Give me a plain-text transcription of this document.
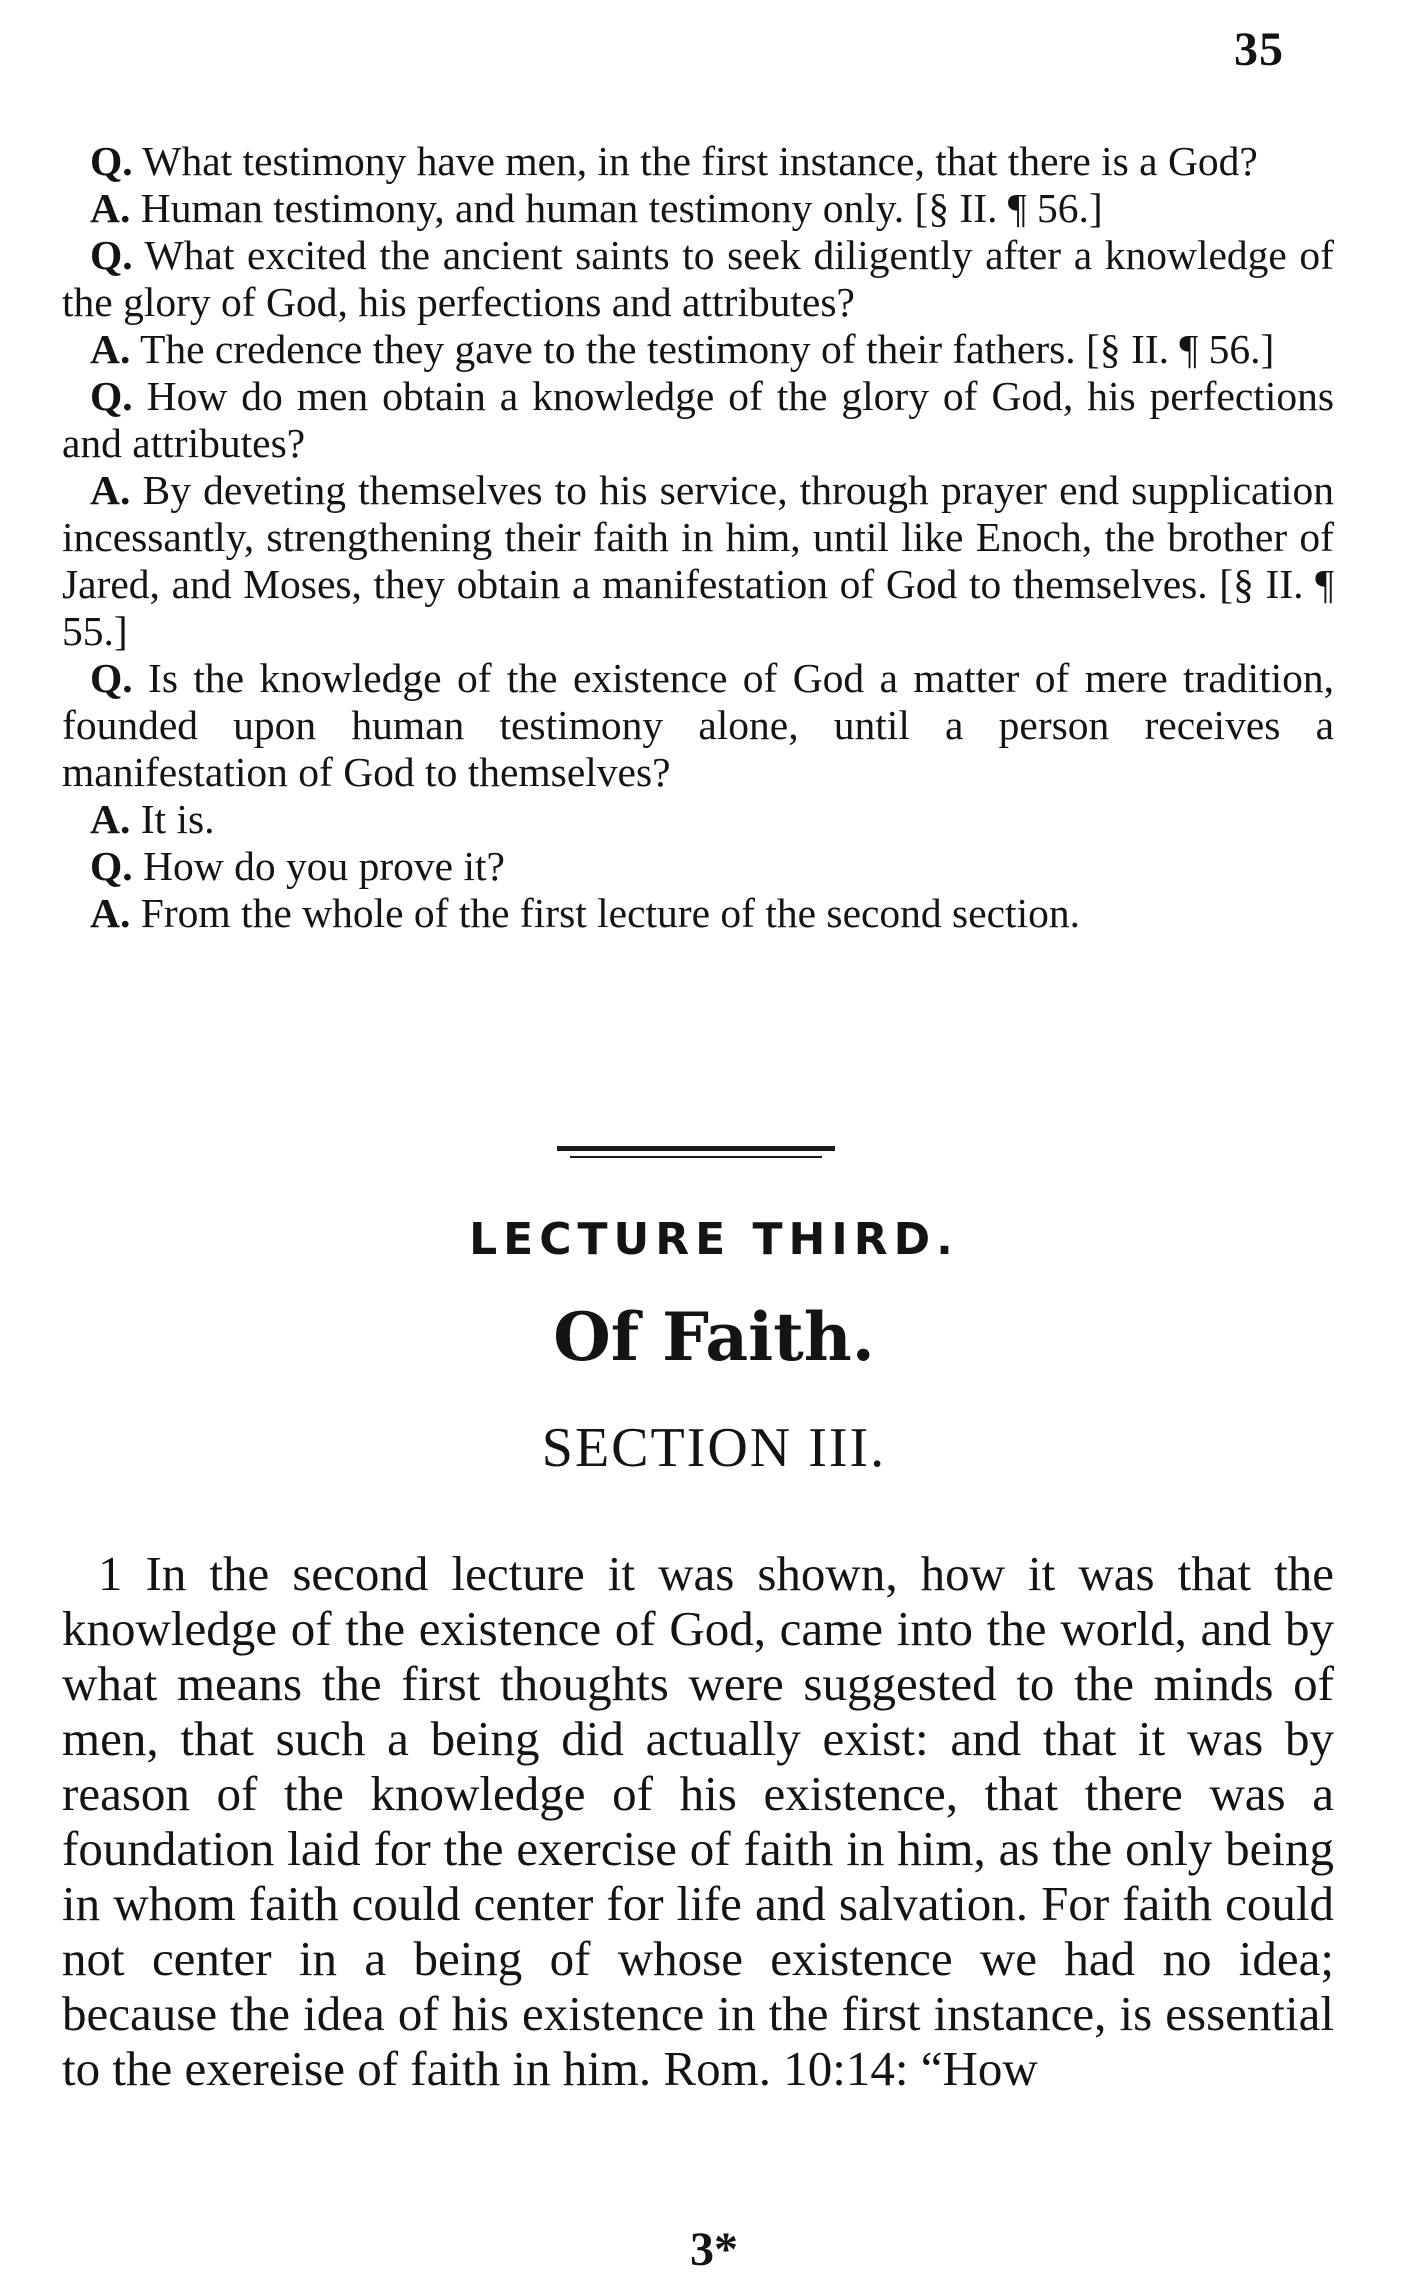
35

Q. What testimony have men, in the first instance, that there is a God?

A. Human testimony, and human testimony only. [§ II. ¶ 56.]

Q. What excited the ancient saints to seek diligently after a knowledge of the glory of God, his perfections and attributes?

A. The credence they gave to the testimony of their fathers. [§ II. ¶ 56.]

Q. How do men obtain a knowledge of the glory of God, his perfections and attributes?

A. By deveting themselves to his service, through prayer end supplication incessantly, strengthening their faith in him, until like Enoch, the brother of Jared, and Moses, they obtain a manifestation of God to themselves. [§ II. ¶ 55.]

Q. Is the knowledge of the existence of God a matter of mere tradition, founded upon human testimony alone, until a person receives a manifestation of God to themselves?

A. It is.

Q. How do you prove it?

A. From the whole of the first lecture of the second section.

LECTURE THIRD.
Of Faith.
SECTION III.

1 In the second lecture it was shown, how it was that the knowledge of the existence of God, came into the world, and by what means the first thoughts were suggested to the minds of men, that such a being did actually exist: and that it was by reason of the knowledge of his existence, that there was a foundation laid for the exercise of faith in him, as the only being in whom faith could center for life and salvation. For faith could not center in a being of whose existence we had no idea; because the idea of his existence in the first instance, is essential to the exereise of faith in him. Rom. 10:14: “How

3*
